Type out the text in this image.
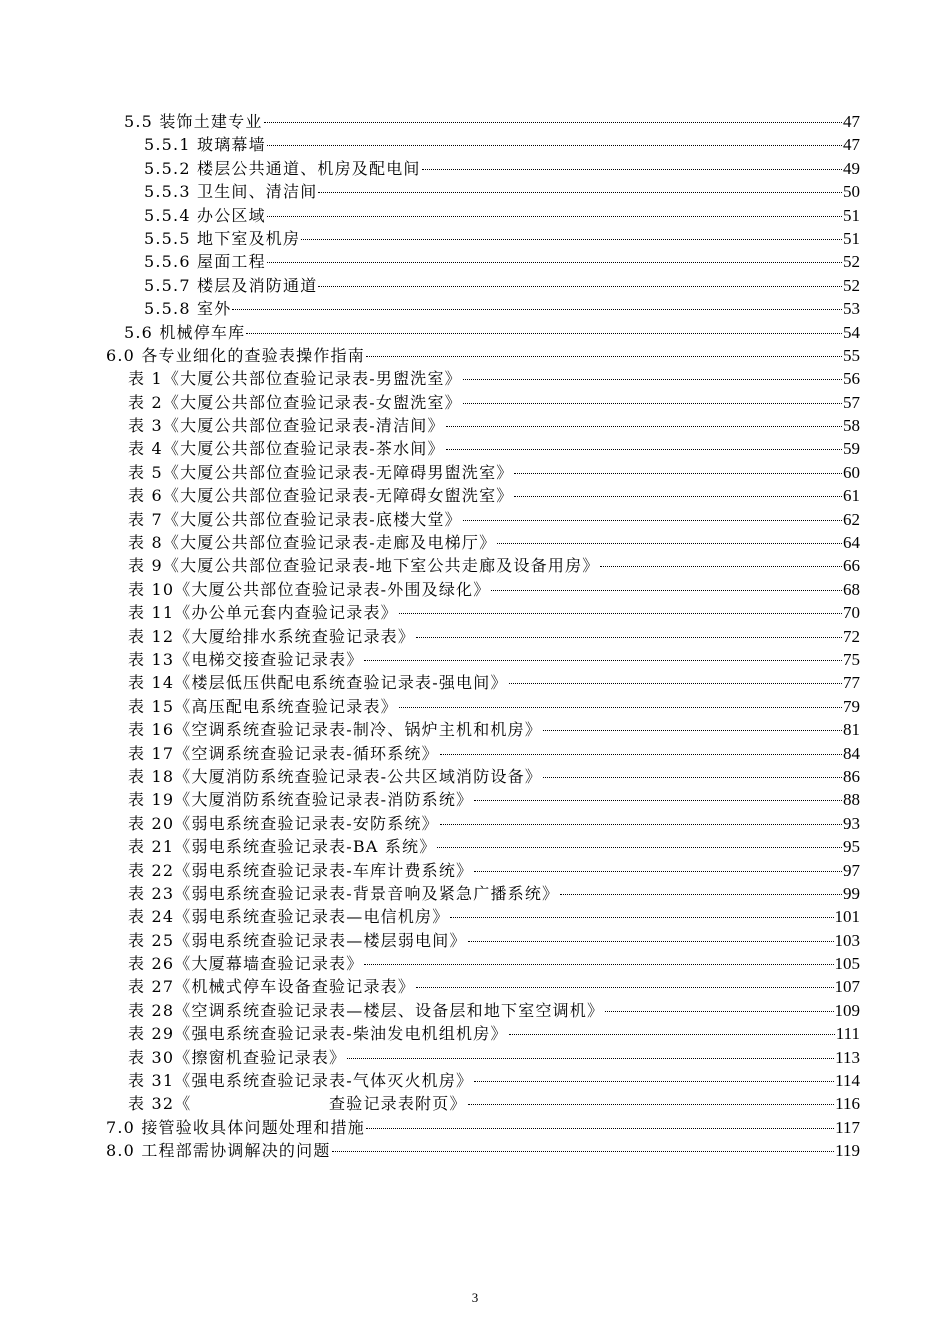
5.5 装饰土建专业	47
5.5.1 玻璃幕墙	47
5.5.2 楼层公共通道、机房及配电间	49
5.5.3 卫生间、清洁间	50
5.5.4 办公区域	51
5.5.5 地下室及机房	51
5.5.6 屋面工程	52
5.5.7 楼层及消防通道	52
5.5.8 室外	53
5.6 机械停车库	54
6.0 各专业细化的查验表操作指南	55
表 1《大厦公共部位查验记录表-男盥洗室》	56
表 2《大厦公共部位查验记录表-女盥洗室》	57
表 3《大厦公共部位查验记录表-清洁间》	58
表 4《大厦公共部位查验记录表-茶水间》	59
表 5《大厦公共部位查验记录表-无障碍男盥洗室》	60
表 6《大厦公共部位查验记录表-无障碍女盥洗室》	61
表 7《大厦公共部位查验记录表-底楼大堂》	62
表 8《大厦公共部位查验记录表-走廊及电梯厅》	64
表 9《大厦公共部位查验记录表-地下室公共走廊及设备用房》	66
表 10《大厦公共部位查验记录表-外围及绿化》	68
表 11《办公单元套内查验记录表》	70
表 12《大厦给排水系统查验记录表》	72
表 13《电梯交接查验记录表》	75
表 14《楼层低压供配电系统查验记录表-强电间》	77
表 15《高压配电系统查验记录表》	79
表 16《空调系统查验记录表-制冷、锅炉主机和机房》	81
表 17《空调系统查验记录表-循环系统》	84
表 18《大厦消防系统查验记录表-公共区域消防设备》	86
表 19《大厦消防系统查验记录表-消防系统》	88
表 20《弱电系统查验记录表-安防系统》	93
表 21《弱电系统查验记录表-BA 系统》	95
表 22《弱电系统查验记录表-车库计费系统》	97
表 23《弱电系统查验记录表-背景音响及紧急广播系统》	99
表 24《弱电系统查验记录表—电信机房》	101
表 25《弱电系统查验记录表—楼层弱电间》	103
表 26《大厦幕墙查验记录表》	105
表 27《机械式停车设备查验记录表》	107
表 28《空调系统查验记录表—楼层、设备层和地下室空调机》	109
表 29《强电系统查验记录表-柴油发电机组机房》	111
表 30《擦窗机查验记录表》	113
表 31《强电系统查验记录表-气体灭火机房》	114
表 32《　　　　　　　　查验记录表附页》	116
7.0 接管验收具体问题处理和措施	117
8.0 工程部需协调解决的问题	119
3
